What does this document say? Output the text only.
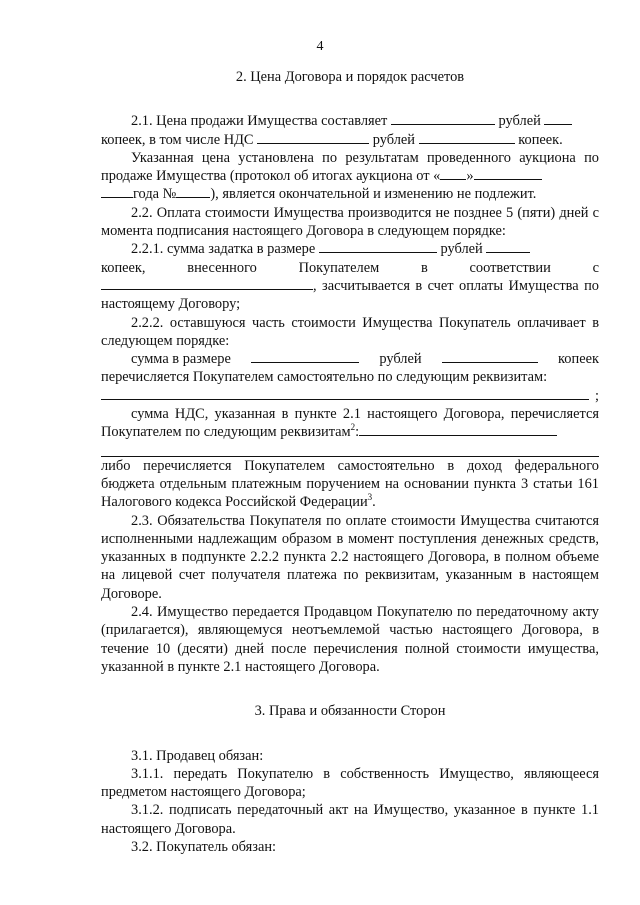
4

2. Цена Договора и порядок расчетов

2.1. Цена продажи Имущества составляет	рублей
копеек, в том числе НДС	рублей	копеек.

Указанная цена установлена по результатам проведенного аукциона по продаже Имущества (протокол об итогах аукциона от « »
года № ), является окончательной и изменению не подлежит.

2.2. Оплата стоимости Имущества производится не позднее 5 (пяти) дней с момента подписания настоящего Договора в следующем порядке:

2.2.1. сумма задатка в размере	рублей

копеек,	внесенного	Покупателем	в	соответствии	с

, засчитывается в счет оплаты Имущества по настоящему Договору;

2.2.2. оставшуюся часть стоимости Имущества Покупатель оплачивает в следующем порядке:

сумма в размере	рублей	копеек

перечисляется Покупателем самостоятельно по следующим реквизитам:

;

сумма НДС, указанная в пункте 2.1 настоящего Договора, перечисляется Покупателем по следующим реквизитам$^2$:

либо перечисляется Покупателем самостоятельно в доход федерального бюджета отдельным платежным поручением на основании пункта 3 статьи 161 Налогового кодекса Российской Федерации$^3$.

2.3. Обязательства Покупателя по оплате стоимости Имущества считаются исполненными надлежащим образом в момент поступления денежных средств, указанных в подпункте 2.2.2 пункта 2.2 настоящего Договора, в полном объеме на лицевой счет получателя платежа по реквизитам, указанным в настоящем Договоре.

2.4. Имущество передается Продавцом Покупателю по передаточному акту (прилагается), являющемуся неотъемлемой частью настоящего Договора, в течение 10 (десяти) дней после перечисления полной стоимости имущества, указанной в пункте 2.1 настоящего Договора.

3. Права и обязанности Сторон

3.1. Продавец обязан:

3.1.1. передать Покупателю в собственность Имущество, являющееся предметом настоящего Договора;

3.1.2. подписать передаточный акт на Имущество, указанное в пункте 1.1 настоящего Договора.

3.2. Покупатель обязан:
